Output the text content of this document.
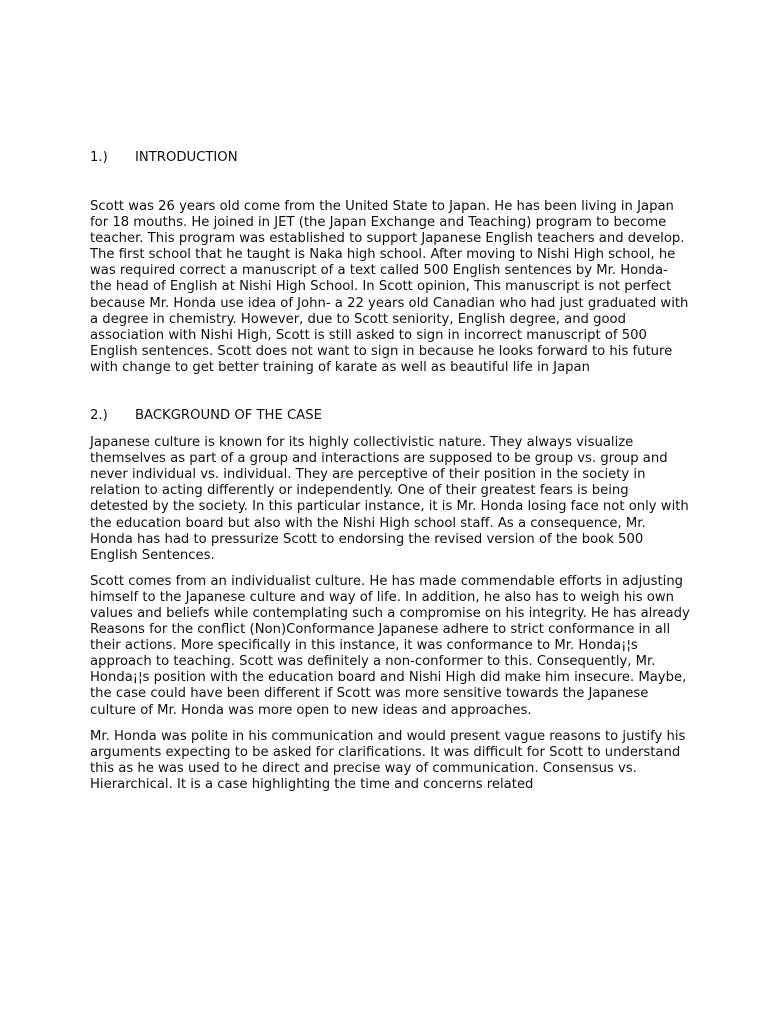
1.) INTRODUCTION

Scott was 26 years old come from the United State to Japan. He has been living in Japan for 18 mouths. He joined in JET (the Japan Exchange and Teaching) program to become teacher. This program was established to support Japanese English teachers and develop. The first school that he taught is Naka high school. After moving to Nishi High school, he was required correct a manuscript of a text called 500 English sentences by Mr. Honda- the head of English at Nishi High School. In Scott opinion, This manuscript is not perfect because Mr. Honda use idea of John- a 22 years old Canadian who had just graduated with a degree in chemistry. However, due to Scott seniority, English degree, and good association with Nishi High, Scott is still asked to sign in incorrect manuscript of 500 English sentences. Scott does not want to sign in because he looks forward to his future with change to get better training of karate as well as beautiful life in Japan

2.) BACKGROUND OF THE CASE

Japanese culture is known for its highly collectivistic nature. They always visualize themselves as part of a group and interactions are supposed to be group vs. group and never individual vs. individual. They are perceptive of their position in the society in relation to acting differently or independently. One of their greatest fears is being detested by the society. In this particular instance, it is Mr. Honda losing face not only with the education board but also with the Nishi High school staff. As a consequence, Mr. Honda has had to pressurize Scott to endorsing the revised version of the book 500 English Sentences.

Scott comes from an individualist culture. He has made commendable efforts in adjusting himself to the Japanese culture and way of life. In addition, he also has to weigh his own values and beliefs while contemplating such a compromise on his integrity. He has already Reasons for the conflict (Non)Conformance Japanese adhere to strict conformance in all their actions. More specifically in this instance, it was conformance to Mr. Honda¡¦s approach to teaching. Scott was definitely a non-conformer to this. Consequently, Mr. Honda¡¦s position with the education board and Nishi High did make him insecure. Maybe, the case could have been different if Scott was more sensitive towards the Japanese culture of Mr. Honda was more open to new ideas and approaches.

Mr. Honda was polite in his communication and would present vague reasons to justify his arguments expecting to be asked for clarifications. It was difficult for Scott to understand this as he was used to he direct and precise way of communication. Consensus vs. Hierarchical. It is a case highlighting the time and concerns related
